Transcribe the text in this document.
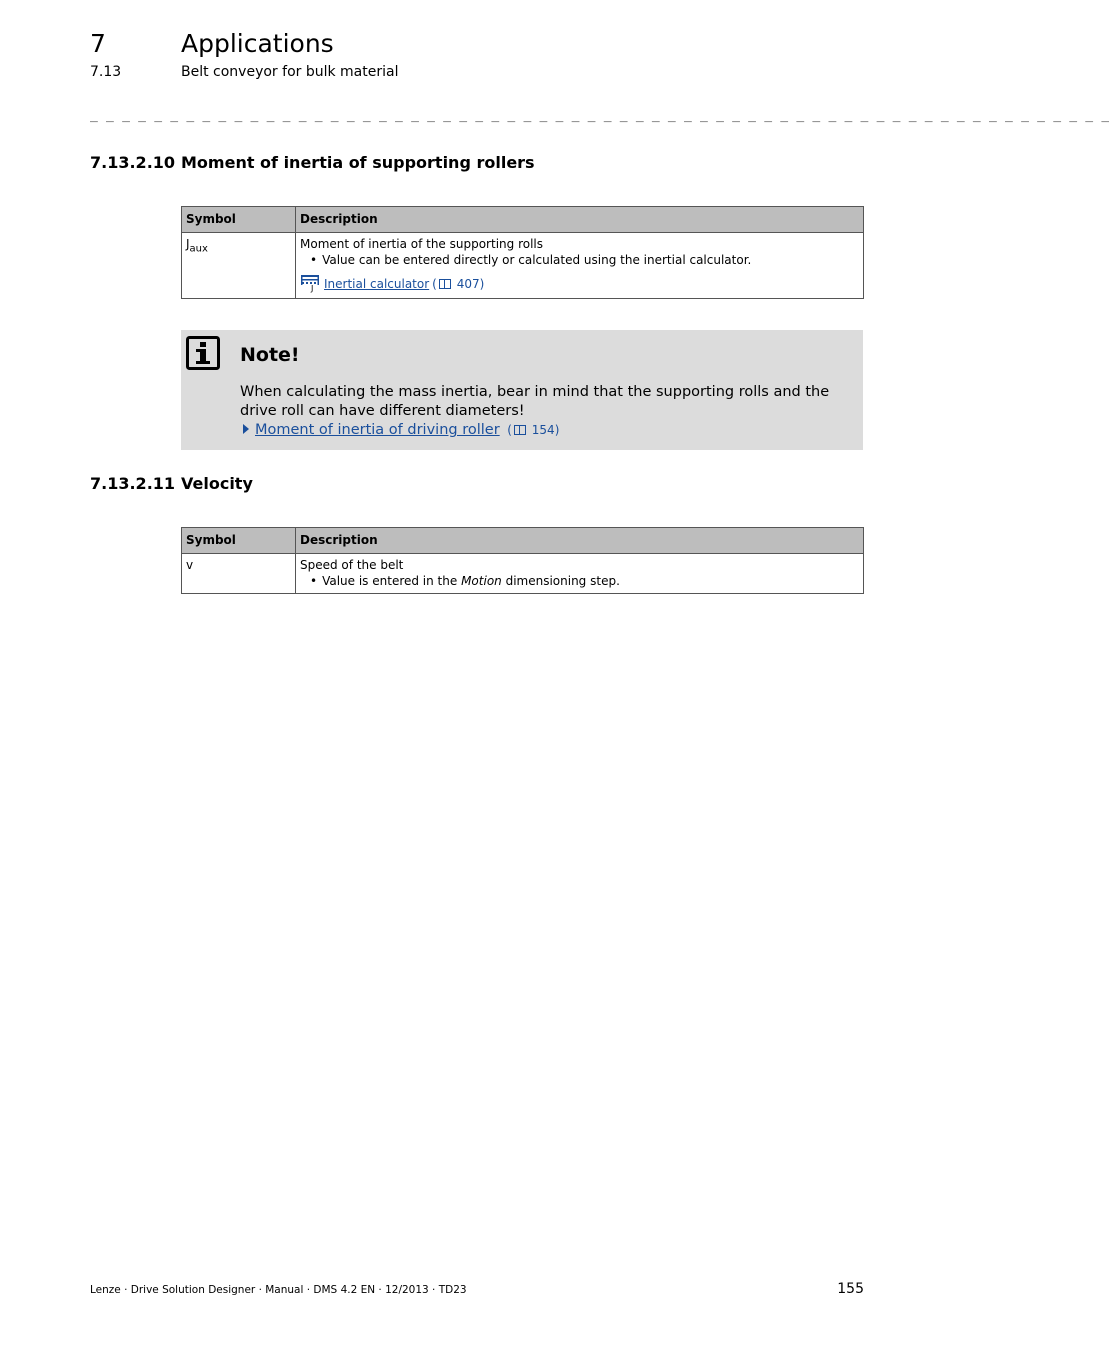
7	Applications
7.13	Belt conveyor for bulk material
_ _ _ _ _ _ _ _ _ _ _ _ _ _ _ _ _ _ _ _ _ _ _ _ _ _ _ _ _ _ _ _ _ _ _ _ _ _ _ _ _ _ _ _ _ _ _ _ _ _ _ _ _ _ _ _ _ _ _ _ _ _ _ _
7.13.2.10 Moment of inertia of supporting rollers
Symbol	Description
$J_{aux}$	Moment of inertia of the supporting rolls
• Value can be entered directly or calculated using the inertial calculator.
J Inertial calculator ( 407)
Note!
When calculating the mass inertia, bear in mind that the supporting rolls and the drive roll can have different diameters!
Moment of inertia of driving roller ( 154)
7.13.2.11 Velocity
Symbol	Description
v	Speed of the belt
• Value is entered in the Motion dimensioning step.
Lenze · Drive Solution Designer · Manual · DMS 4.2 EN · 12/2013 · TD23	155
